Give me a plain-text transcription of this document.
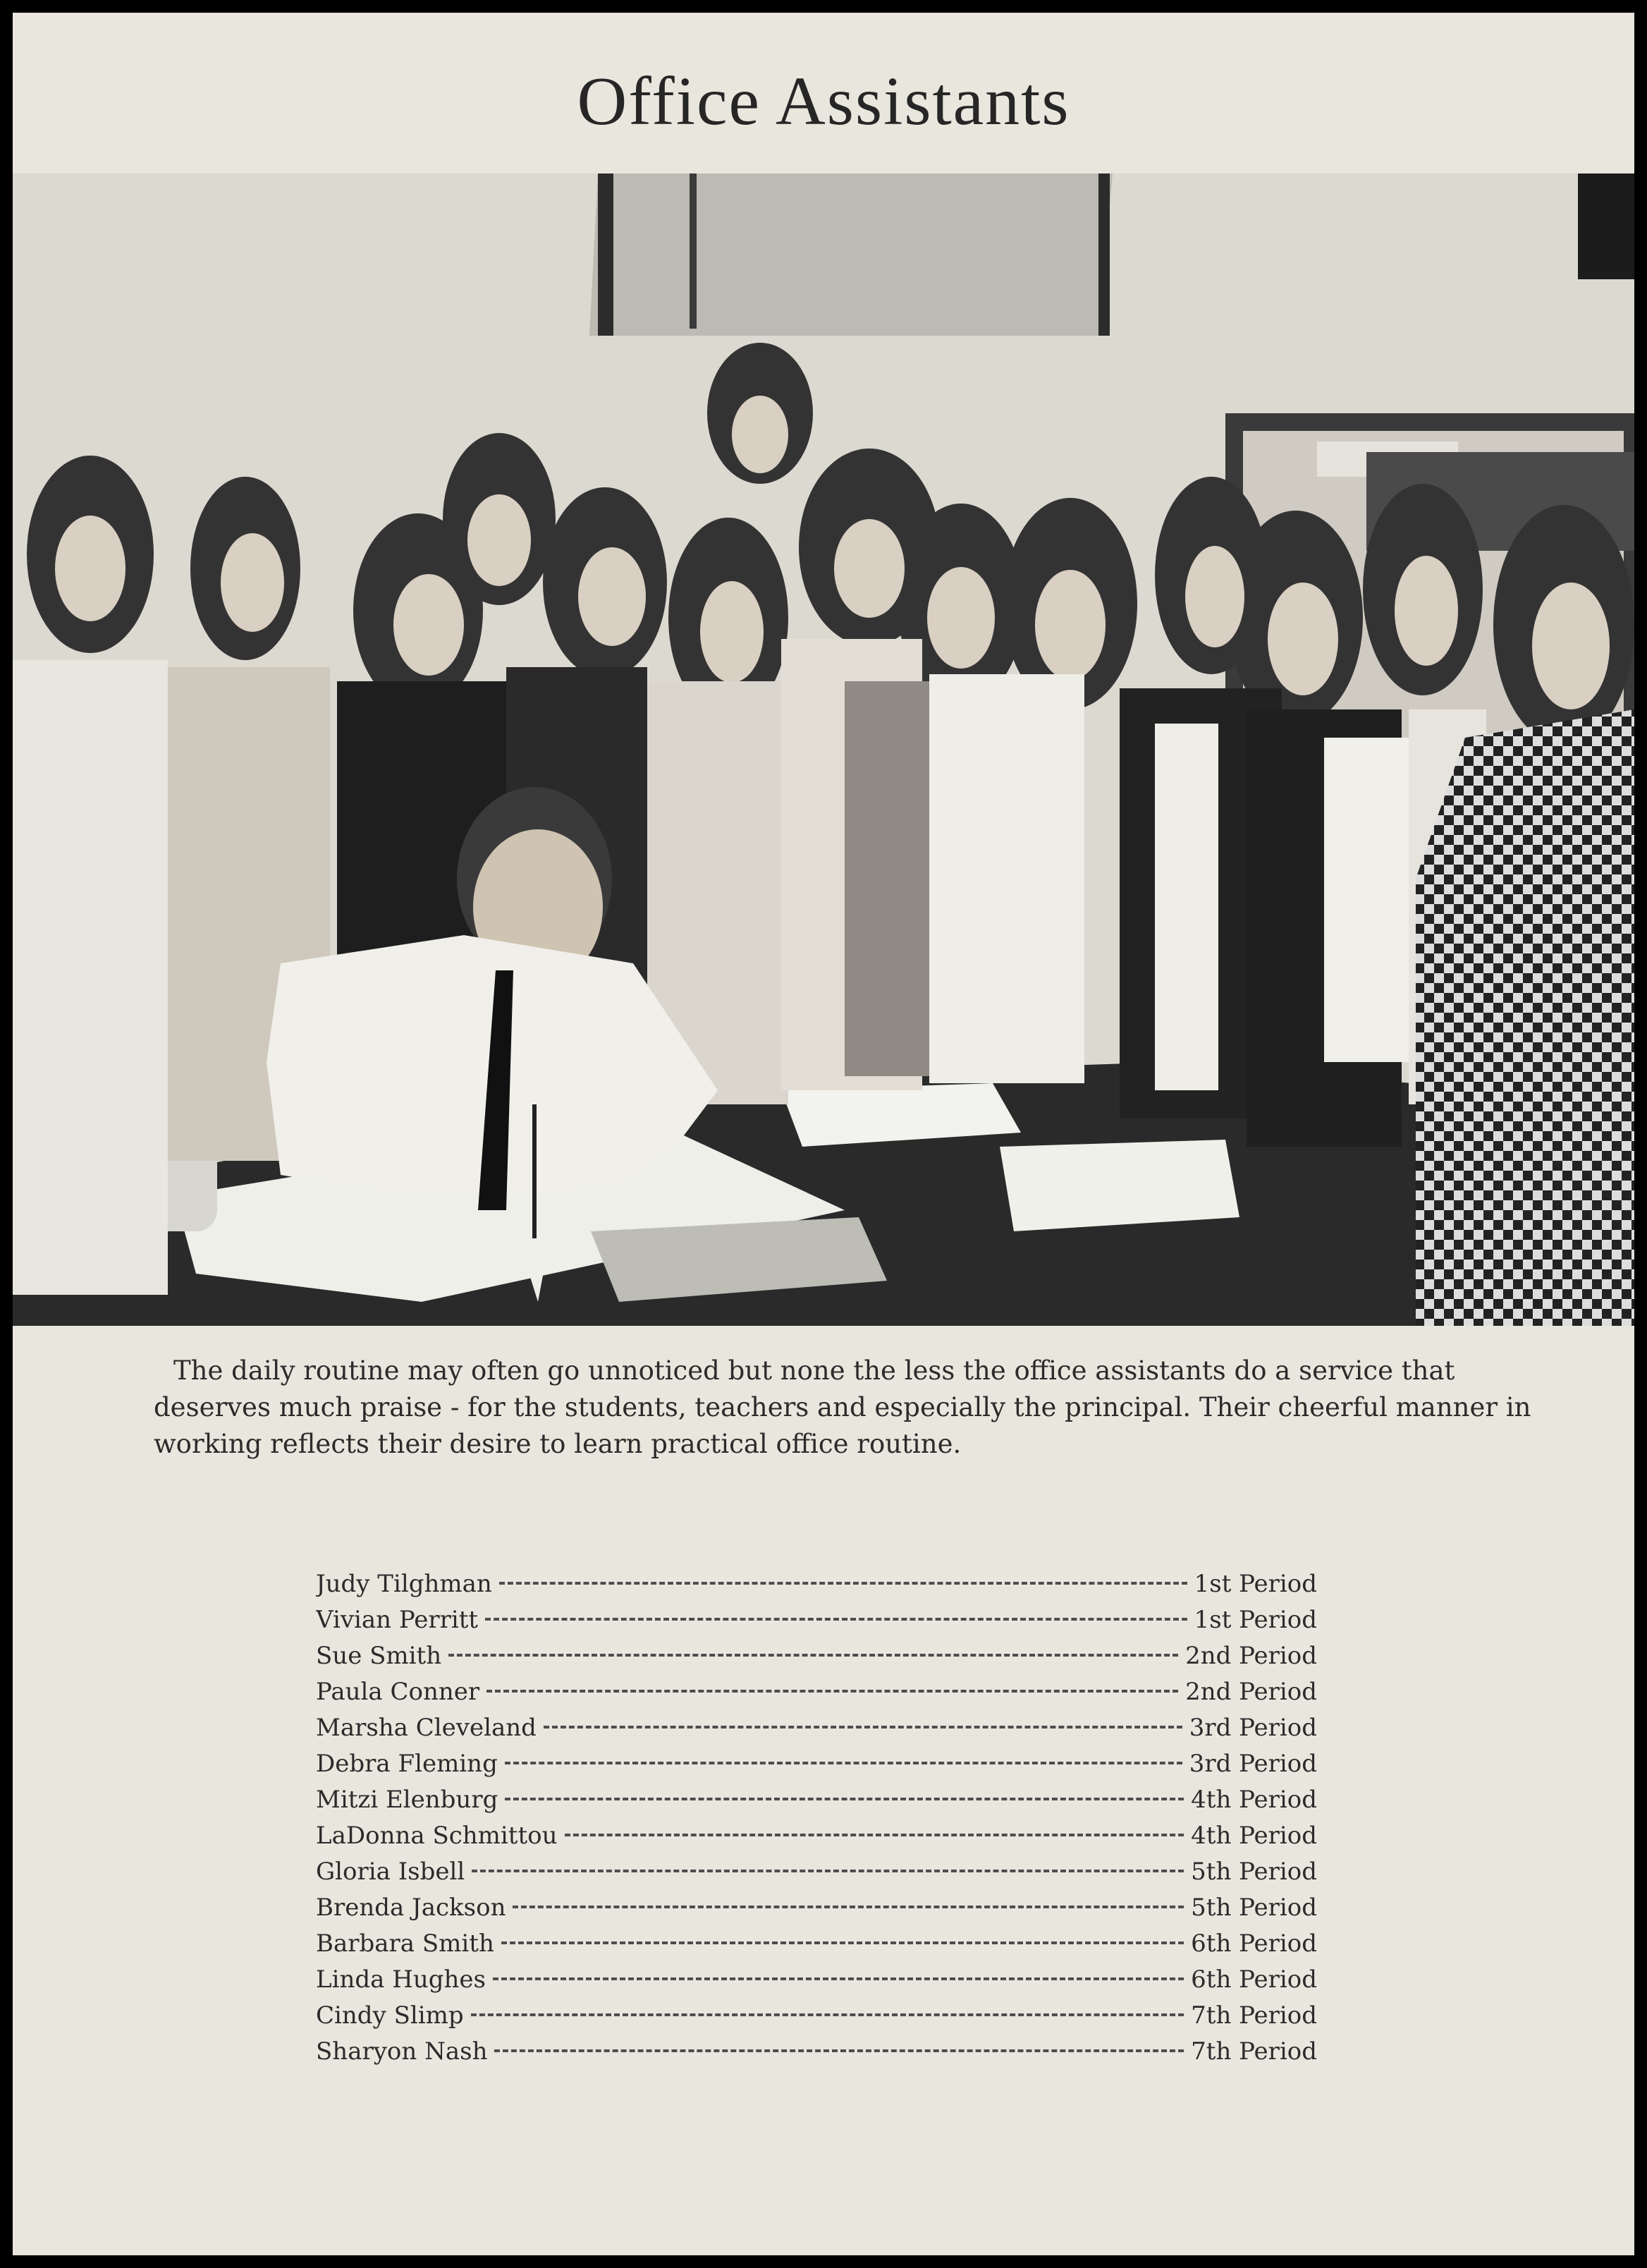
Office Assistants

The daily routine may often go unnoticed but none the less the office assistants do a service that deserves much praise - for the students, teachers and especially the principal. Their cheerful manner in working reflects their desire to learn practical office routine.

Judy Tilghman	1st Period
Vivian Perritt	1st Period
Sue Smith	2nd Period
Paula Conner	2nd Period
Marsha Cleveland	3rd Period
Debra Fleming	3rd Period
Mitzi Elenburg	4th Period
LaDonna Schmittou	4th Period
Gloria Isbell	5th Period
Brenda Jackson	5th Period
Barbara Smith	6th Period
Linda Hughes	6th Period
Cindy Slimp	7th Period
Sharyon Nash	7th Period
